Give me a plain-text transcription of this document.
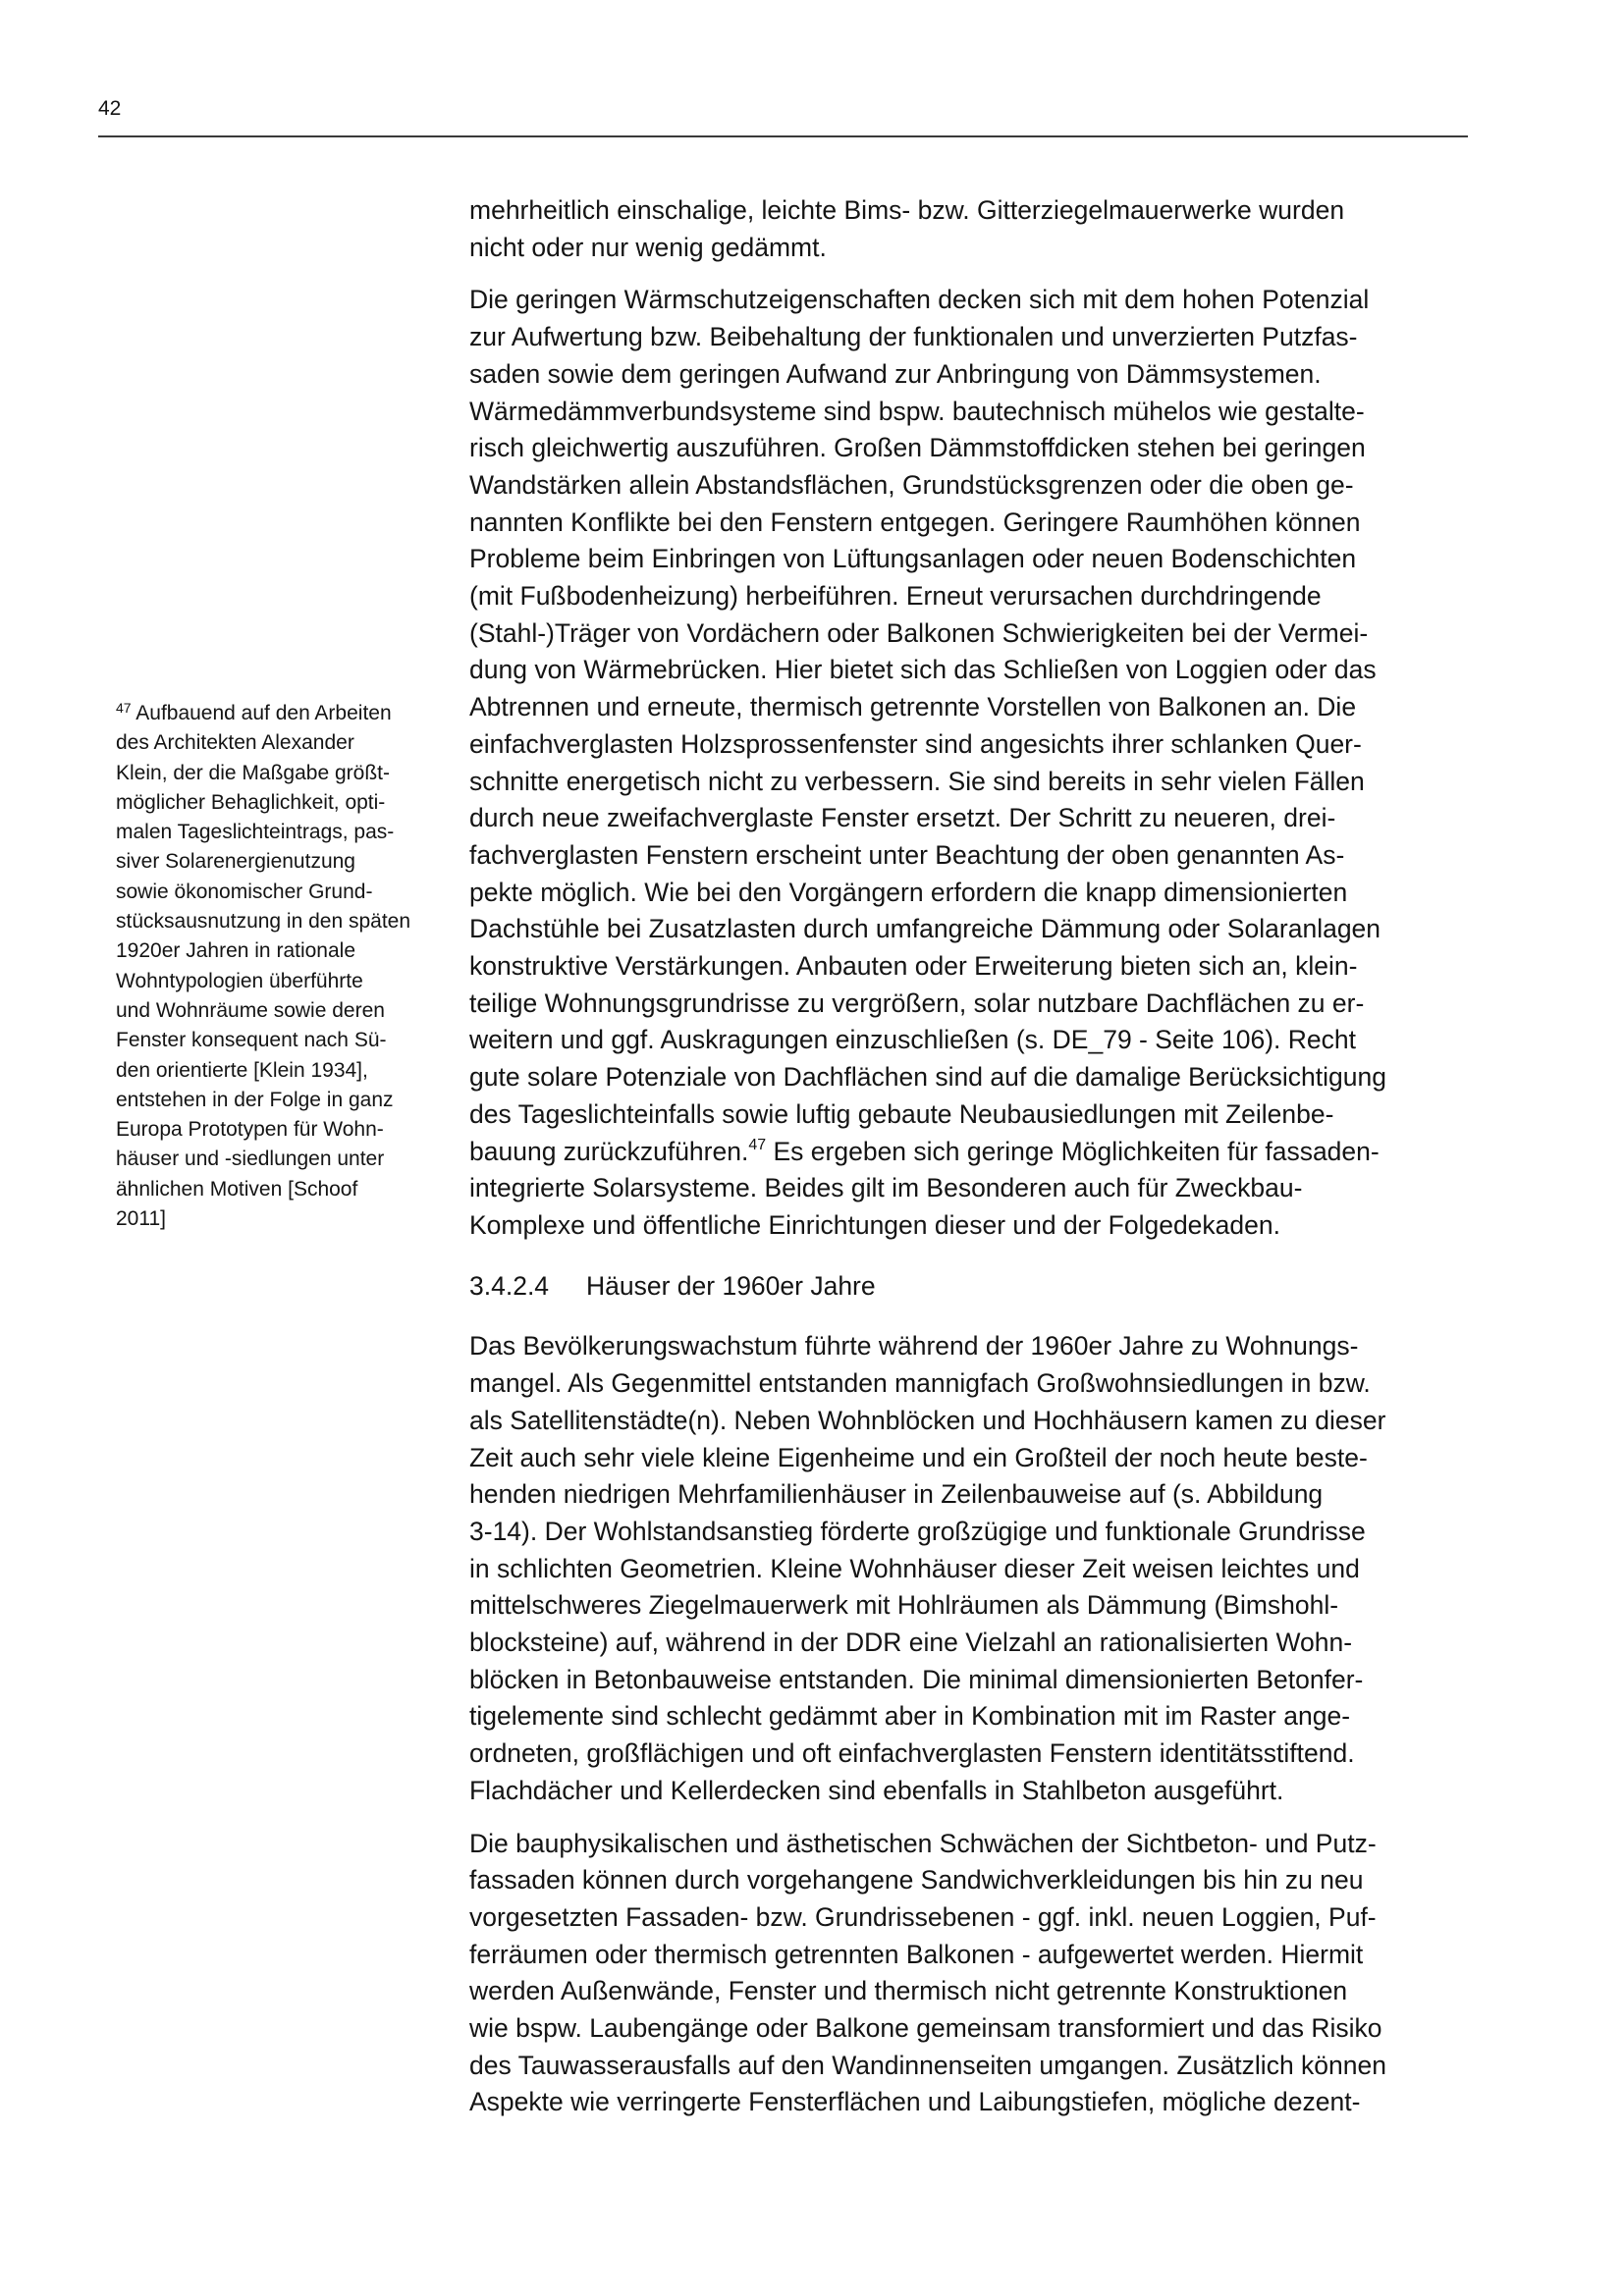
42
$^{47}$ Aufbauend auf den Arbeiten
des Architekten Alexander
Klein, der die Maßgabe größt-
möglicher Behaglichkeit, opti-
malen Tageslichteintrags, pas-
siver Solarenergienutzung
sowie ökonomischer Grund-
stücksausnutzung in den späten
1920er Jahren in rationale
Wohntypologien überführte
und Wohnräume sowie deren
Fenster konsequent nach Sü-
den orientierte [Klein 1934],
entstehen in der Folge in ganz
Europa Prototypen für Wohn-
häuser und -siedlungen unter
ähnlichen Motiven [Schoof
2011]

mehrheitlich einschalige, leichte Bims- bzw. Gitterziegelmauerwerke wurden
nicht oder nur wenig gedämmt.

Die geringen Wärmschutzeigenschaften decken sich mit dem hohen Potenzial
zur Aufwertung bzw. Beibehaltung der funktionalen und unverzierten Putzfas-
saden sowie dem geringen Aufwand zur Anbringung von Dämmsystemen.
Wärmedämmverbundsysteme sind bspw. bautechnisch mühelos wie gestalte-
risch gleichwertig auszuführen. Großen Dämmstoffdicken stehen bei geringen
Wandstärken allein Abstandsflächen, Grundstücksgrenzen oder die oben ge-
nannten Konflikte bei den Fenstern entgegen. Geringere Raumhöhen können
Probleme beim Einbringen von Lüftungsanlagen oder neuen Bodenschichten
(mit Fußbodenheizung) herbeiführen. Erneut verursachen durchdringende
(Stahl-)Träger von Vordächern oder Balkonen Schwierigkeiten bei der Vermei-
dung von Wärmebrücken. Hier bietet sich das Schließen von Loggien oder das
Abtrennen und erneute, thermisch getrennte Vorstellen von Balkonen an. Die
einfachverglasten Holzsprossenfenster sind angesichts ihrer schlanken Quer-
schnitte energetisch nicht zu verbessern. Sie sind bereits in sehr vielen Fällen
durch neue zweifachverglaste Fenster ersetzt. Der Schritt zu neueren, drei-
fachverglasten Fenstern erscheint unter Beachtung der oben genannten As-
pekte möglich. Wie bei den Vorgängern erfordern die knapp dimensionierten
Dachstühle bei Zusatzlasten durch umfangreiche Dämmung oder Solaranlagen
konstruktive Verstärkungen. Anbauten oder Erweiterung bieten sich an, klein-
teilige Wohnungsgrundrisse zu vergrößern, solar nutzbare Dachflächen zu er-
weitern und ggf. Auskragungen einzuschließen (s. DE_79 - Seite 106). Recht
gute solare Potenziale von Dachflächen sind auf die damalige Berücksichtigung
des Tageslichteinfalls sowie luftig gebaute Neubausiedlungen mit Zeilenbe-
bauung zurückzuführen.$^{47}$ Es ergeben sich geringe Möglichkeiten für fassaden-
integrierte Solarsysteme. Beides gilt im Besonderen auch für Zweckbau-
Komplexe und öffentliche Einrichtungen dieser und der Folgedekaden.

3.4.2.4	Häuser der 1960er Jahre

Das Bevölkerungswachstum führte während der 1960er Jahre zu Wohnungs-
mangel. Als Gegenmittel entstanden mannigfach Großwohnsiedlungen in bzw.
als Satellitenstädte(n). Neben Wohnblöcken und Hochhäusern kamen zu dieser
Zeit auch sehr viele kleine Eigenheime und ein Großteil der noch heute beste-
henden niedrigen Mehrfamilienhäuser in Zeilenbauweise auf (s. Abbildung
3-14). Der Wohlstandsanstieg förderte großzügige und funktionale Grundrisse
in schlichten Geometrien. Kleine Wohnhäuser dieser Zeit weisen leichtes und
mittelschweres Ziegelmauerwerk mit Hohlräumen als Dämmung (Bimshohl-
blocksteine) auf, während in der DDR eine Vielzahl an rationalisierten Wohn-
blöcken in Betonbauweise entstanden. Die minimal dimensionierten Betonfer-
tigelemente sind schlecht gedämmt aber in Kombination mit im Raster ange-
ordneten, großflächigen und oft einfachverglasten Fenstern identitätsstiftend.
Flachdächer und Kellerdecken sind ebenfalls in Stahlbeton ausgeführt.

Die bauphysikalischen und ästhetischen Schwächen der Sichtbeton- und Putz-
fassaden können durch vorgehangene Sandwichverkleidungen bis hin zu neu
vorgesetzten Fassaden- bzw. Grundrissebenen - ggf. inkl. neuen Loggien, Puf-
ferräumen oder thermisch getrennten Balkonen - aufgewertet werden. Hiermit
werden Außenwände, Fenster und thermisch nicht getrennte Konstruktionen
wie bspw. Laubengänge oder Balkone gemeinsam transformiert und das Risiko
des Tauwasserausfalls auf den Wandinnenseiten umgangen. Zusätzlich können
Aspekte wie verringerte Fensterflächen und Laibungstiefen, mögliche dezent-
